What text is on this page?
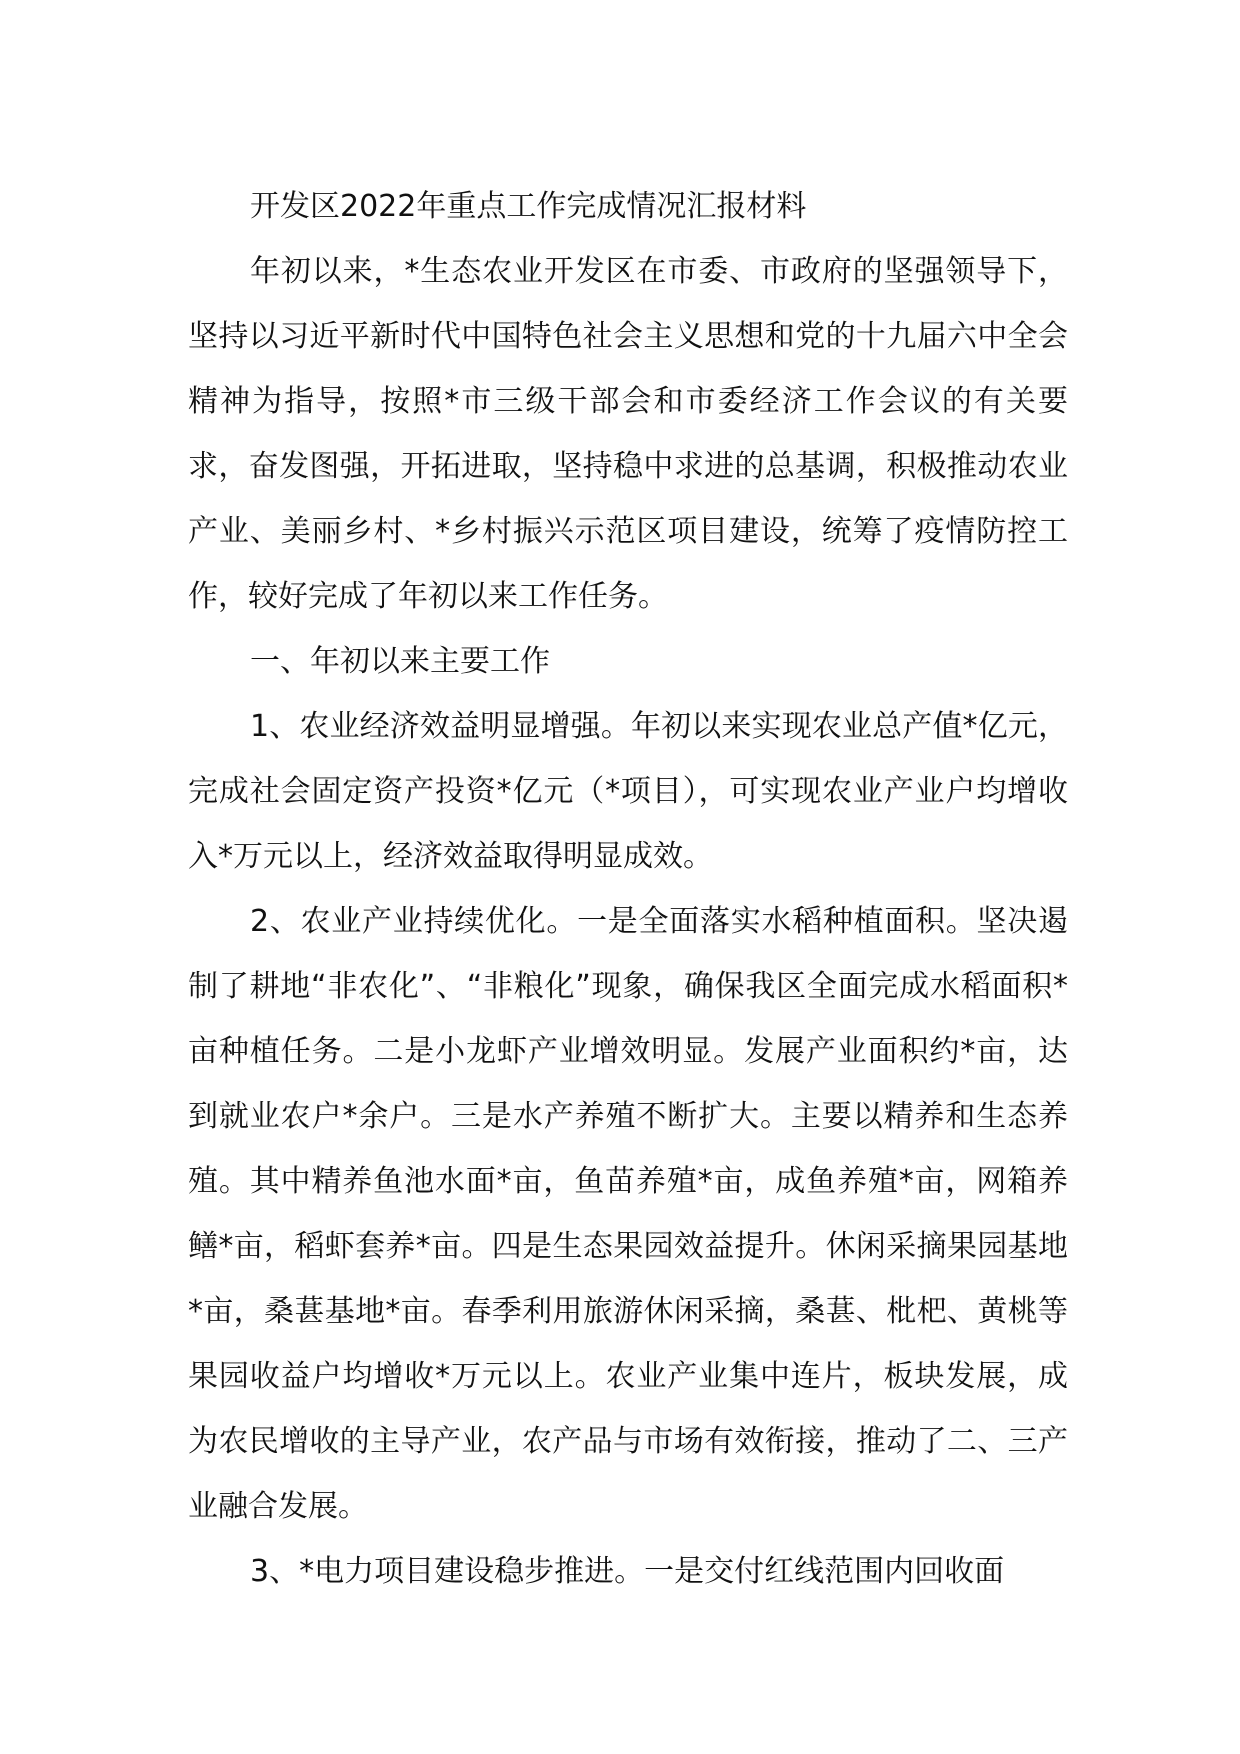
开发区2022年重点工作完成情况汇报材料

年初以来，*生态农业开发区在市委、市政府的坚强领导下，坚持以习近平新时代中国特色社会主义思想和党的十九届六中全会精神为指导，按照*市三级干部会和市委经济工作会议的有关要求，奋发图强，开拓进取，坚持稳中求进的总基调，积极推动农业产业、美丽乡村、*乡村振兴示范区项目建设，统筹了疫情防控工作，较好完成了年初以来工作任务。

一、年初以来主要工作

1、农业经济效益明显增强。年初以来实现农业总产值*亿元，完成社会固定资产投资*亿元（*项目），可实现农业产业户均增收入*万元以上，经济效益取得明显成效。

2、农业产业持续优化。一是全面落实水稻种植面积。坚决遏制了耕地“非农化”、“非粮化”现象，确保我区全面完成水稻面积*亩种植任务。二是小龙虾产业增效明显。发展产业面积约*亩，达到就业农户*余户。三是水产养殖不断扩大。主要以精养和生态养殖。其中精养鱼池水面*亩，鱼苗养殖*亩，成鱼养殖*亩，网箱养鳝*亩，稻虾套养*亩。四是生态果园效益提升。休闲采摘果园基地*亩，桑葚基地*亩。春季利用旅游休闲采摘，桑葚、枇杷、黄桃等果园收益户均增收*万元以上。农业产业集中连片，板块发展，成为农民增收的主导产业，农产品与市场有效衔接，推动了二、三产业融合发展。

3、*电力项目建设稳步推进。一是交付红线范围内回收面
